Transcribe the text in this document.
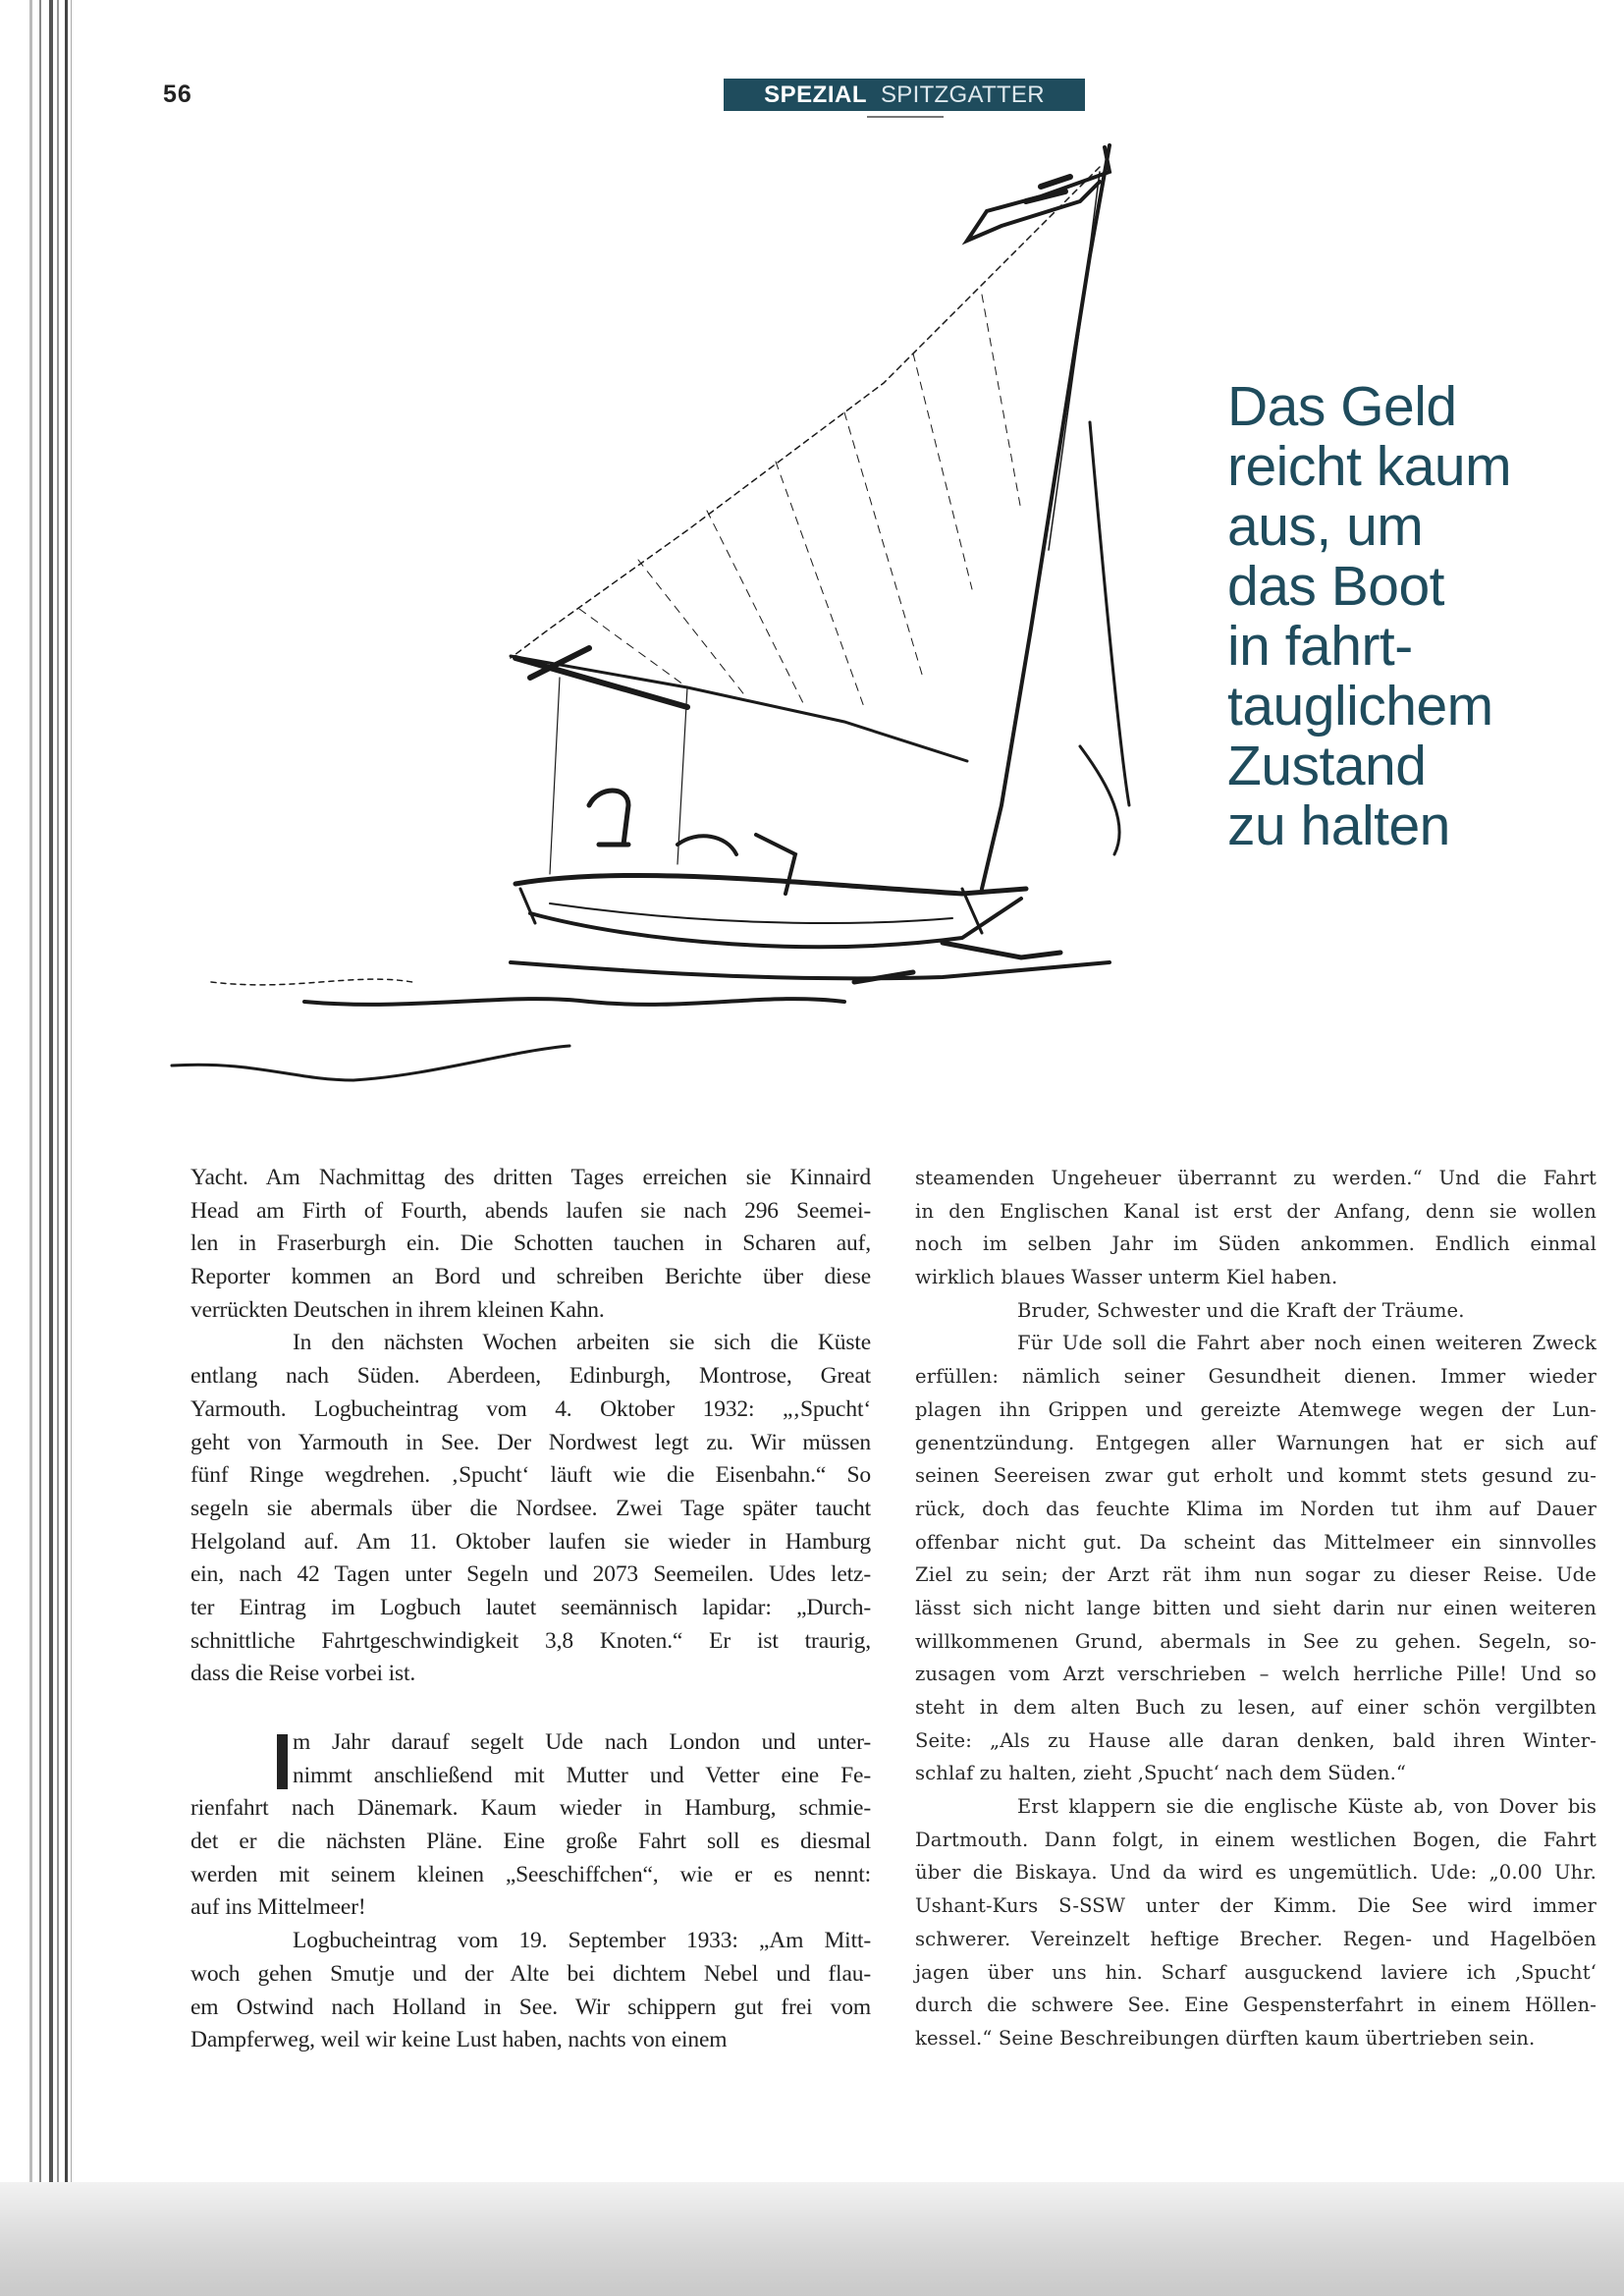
56	SPEZIAL SPITZGATTER
Das Geld
reicht kaum
aus, um
das Boot
in fahrt-
tauglichem
Zustand
zu halten
Yacht. Am Nachmittag des dritten Tages erreichen sie Kinnaird
Head am Firth of Fourth, abends laufen sie nach 296 Seemei-
len in Fraserburgh ein. Die Schotten tauchen in Scharen auf,
Reporter kommen an Bord und schreiben Berichte über diese
verrückten Deutschen in ihrem kleinen Kahn.
In den nächsten Wochen arbeiten sie sich die Küste
entlang nach Süden. Aberdeen, Edinburgh, Montrose, Great
Yarmouth. Logbucheintrag vom 4. Oktober 1932: „‚Spucht‘
geht von Yarmouth in See. Der Nordwest legt zu. Wir müssen
fünf Ringe wegdrehen. ‚Spucht‘ läuft wie die Eisenbahn.“ So
segeln sie abermals über die Nordsee. Zwei Tage später taucht
Helgoland auf. Am 11. Oktober laufen sie wieder in Hamburg
ein, nach 42 Tagen unter Segeln und 2073 Seemeilen. Udes letz-
ter Eintrag im Logbuch lautet seemännisch lapidar: „Durch-
schnittliche Fahrtgeschwindigkeit 3,8 Knoten.“ Er ist traurig,
dass die Reise vorbei ist.
m Jahr darauf segelt Ude nach London und unter-
nimmt anschließend mit Mutter und Vetter eine Fe-
rienfahrt nach Dänemark. Kaum wieder in Hamburg, schmie-
det er die nächsten Pläne. Eine große Fahrt soll es diesmal
werden mit seinem kleinen „Seeschiffchen“, wie er es nennt:
auf ins Mittelmeer!
Logbucheintrag vom 19. September 1933: „Am Mitt-
woch gehen Smutje und der Alte bei dichtem Nebel und flau-
em Ostwind nach Holland in See. Wir schippern gut frei vom
Dampferweg, weil wir keine Lust haben, nachts von einem
steamenden Ungeheuer überrannt zu werden.“ Und die Fahrt
in den Englischen Kanal ist erst der Anfang, denn sie wollen
noch im selben Jahr im Süden ankommen. Endlich einmal
wirklich blaues Wasser unterm Kiel haben.
Bruder, Schwester und die Kraft der Träume.
Für Ude soll die Fahrt aber noch einen weiteren Zweck
erfüllen: nämlich seiner Gesundheit dienen. Immer wieder
plagen ihn Grippen und gereizte Atemwege wegen der Lun-
genentzündung. Entgegen aller Warnungen hat er sich auf
seinen Seereisen zwar gut erholt und kommt stets gesund zu-
rück, doch das feuchte Klima im Norden tut ihm auf Dauer
offenbar nicht gut. Da scheint das Mittelmeer ein sinnvolles
Ziel zu sein; der Arzt rät ihm nun sogar zu dieser Reise. Ude
lässt sich nicht lange bitten und sieht darin nur einen weiteren
willkommenen Grund, abermals in See zu gehen. Segeln, so-
zusagen vom Arzt verschrieben – welch herrliche Pille! Und so
steht in dem alten Buch zu lesen, auf einer schön vergilbten
Seite: „Als zu Hause alle daran denken, bald ihren Winter-
schlaf zu halten, zieht ‚Spucht‘ nach dem Süden.“
Erst klappern sie die englische Küste ab, von Dover bis
Dartmouth. Dann folgt, in einem westlichen Bogen, die Fahrt
über die Biskaya. Und da wird es ungemütlich. Ude: „0.00 Uhr.
Ushant-Kurs S-SSW unter der Kimm. Die See wird immer
schwerer. Vereinzelt heftige Brecher. Regen- und Hagelböen
jagen über uns hin. Scharf ausguckend laviere ich ‚Spucht‘
durch die schwere See. Eine Gespensterfahrt in einem Höllen-
kessel.“ Seine Beschreibungen dürften kaum übertrieben sein.
